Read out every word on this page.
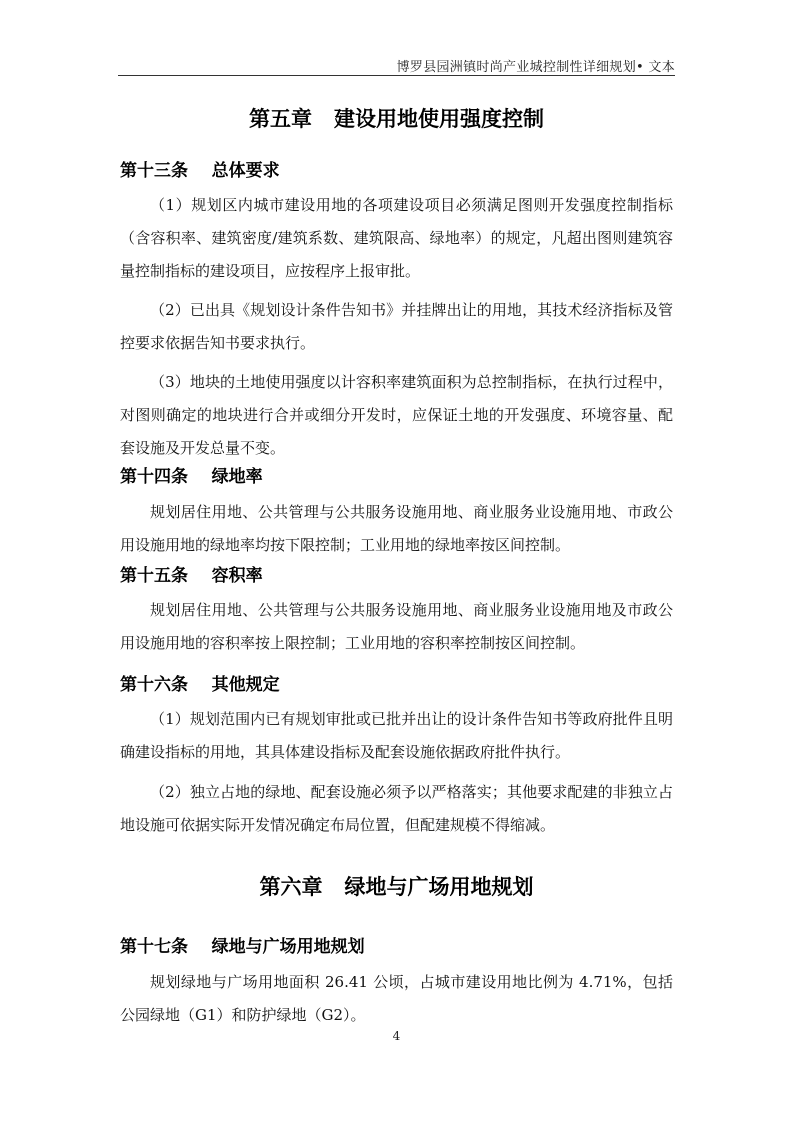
博罗县园洲镇时尚产业城控制性详细规划• 文本
第五章   建设用地使用强度控制
第十三条    总体要求
（1）规划区内城市建设用地的各项建设项目必须满足图则开发强度控制指标（含容积率、建筑密度/建筑系数、建筑限高、绿地率）的规定，凡超出图则建筑容量控制指标的建设项目，应按程序上报审批。
（2）已出具《规划设计条件告知书》并挂牌出让的用地，其技术经济指标及管控要求依据告知书要求执行。
（3）地块的土地使用强度以计容积率建筑面积为总控制指标，在执行过程中，对图则确定的地块进行合并或细分开发时，应保证土地的开发强度、环境容量、配套设施及开发总量不变。
第十四条    绿地率
规划居住用地、公共管理与公共服务设施用地、商业服务业设施用地、市政公用设施用地的绿地率均按下限控制；工业用地的绿地率按区间控制。
第十五条    容积率
规划居住用地、公共管理与公共服务设施用地、商业服务业设施用地及市政公用设施用地的容积率按上限控制；工业用地的容积率控制按区间控制。
第十六条    其他规定
（1）规划范围内已有规划审批或已批并出让的设计条件告知书等政府批件且明确建设指标的用地，其具体建设指标及配套设施依据政府批件执行。
（2）独立占地的绿地、配套设施必须予以严格落实；其他要求配建的非独立占地设施可依据实际开发情况确定布局位置，但配建规模不得缩减。
第六章   绿地与广场用地规划
第十七条    绿地与广场用地规划
规划绿地与广场用地面积 26.41 公顷，占城市建设用地比例为 4.71%，包括公园绿地（G1）和防护绿地（G2）。
4
